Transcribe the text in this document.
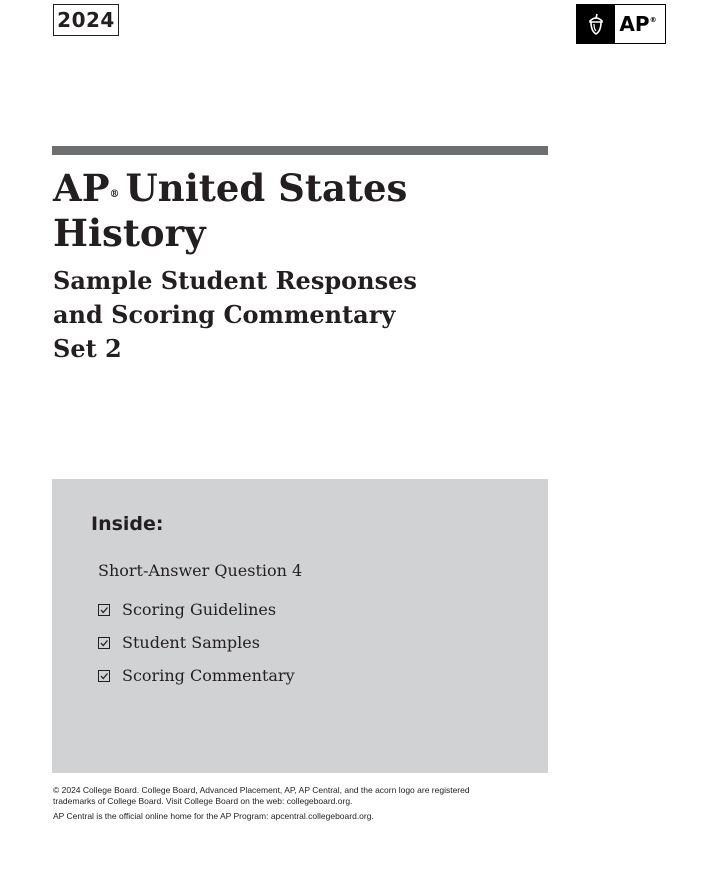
2024	AP®
AP® United States
History
Sample Student Responses
and Scoring Commentary
Set 2
Inside:
Short-Answer Question 4
Scoring Guidelines
Student Samples
Scoring Commentary

© 2024 College Board. College Board, Advanced Placement, AP, AP Central, and the acorn logo are registered

trademarks of College Board. Visit College Board on the web: collegeboard.org.

AP Central is the official online home for the AP Program: apcentral.collegeboard.org.
